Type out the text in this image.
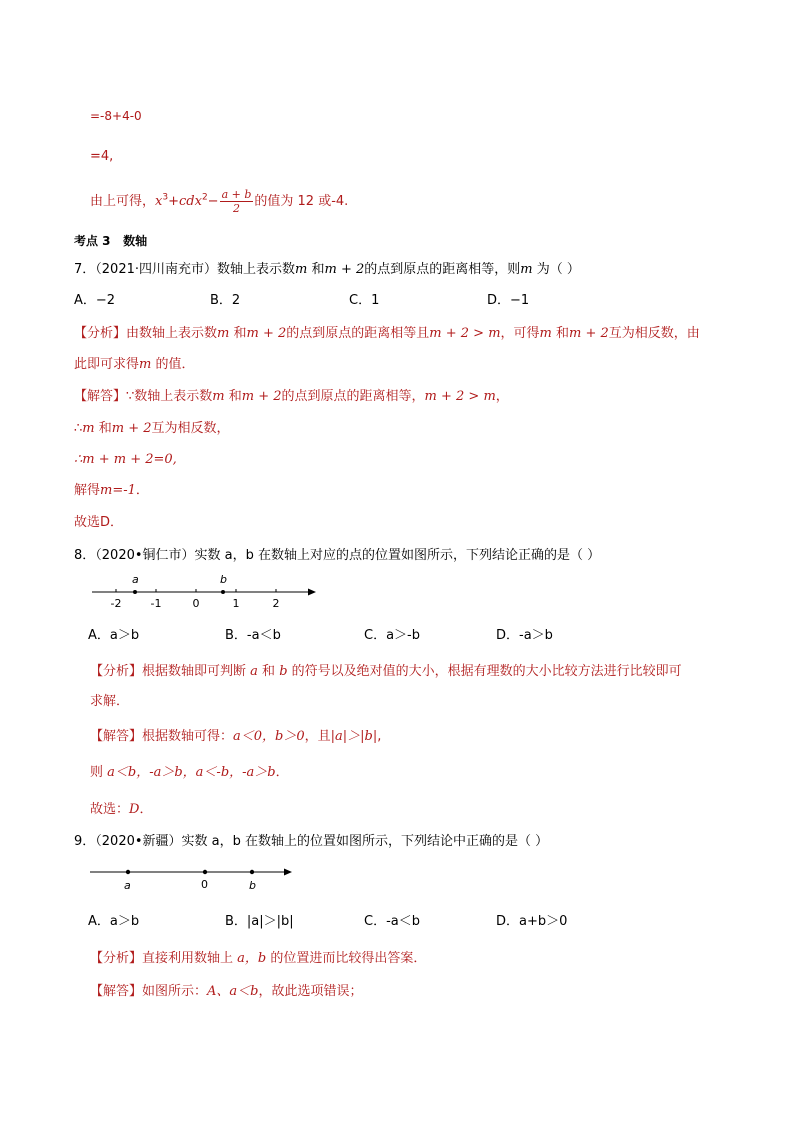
=-8+4-0
=4,
由上可得，$x^3+cdx^2- \frac{a + b}{2}$ 的值为 12 或-4.
考点 3 数轴
7．（2021·四川南充市）数轴上表示数m 和m + 2的点到原点的距离相等，则m 为（ ）
A．−2	B．2	C．1	D．−1
【分析】由数轴上表示数m 和m + 2的点到原点的距离相等且m + 2 > m，可得m 和m + 2互为相反数，由
此即可求得m 的值．
【解答】∵数轴上表示数m 和m + 2的点到原点的距离相等，m + 2 > m，
∴m 和m + 2互为相反数，
∴m + m + 2=0,
解得m=-1．
故选D．
8．（2020•铜仁市）实数 a，b 在数轴上对应的点的位置如图所示，下列结论正确的是（ ）
-2	-1	0	1	2
a	b
A．a＞b	B．-a＜b	C．a＞-b	D．-a＞b
【分析】根据数轴即可判断 a 和 b 的符号以及绝对值的大小，根据有理数的大小比较方法进行比较即可
求解．
【解答】根据数轴可得：a＜0，b＞0，且|a|＞|b|,
则 a＜b，-a＞b，a＜-b，-a＞b．
故选：D．
9．（2020•新疆）实数 a，b 在数轴上的位置如图所示，下列结论中正确的是（ ）
a	0	b
A．a＞b	B．|a|＞|b|	C．-a＜b	D．a+b＞0
【分析】直接利用数轴上 a，b 的位置进而比较得出答案．
【解答】如图所示：A、a＜b，故此选项错误；
